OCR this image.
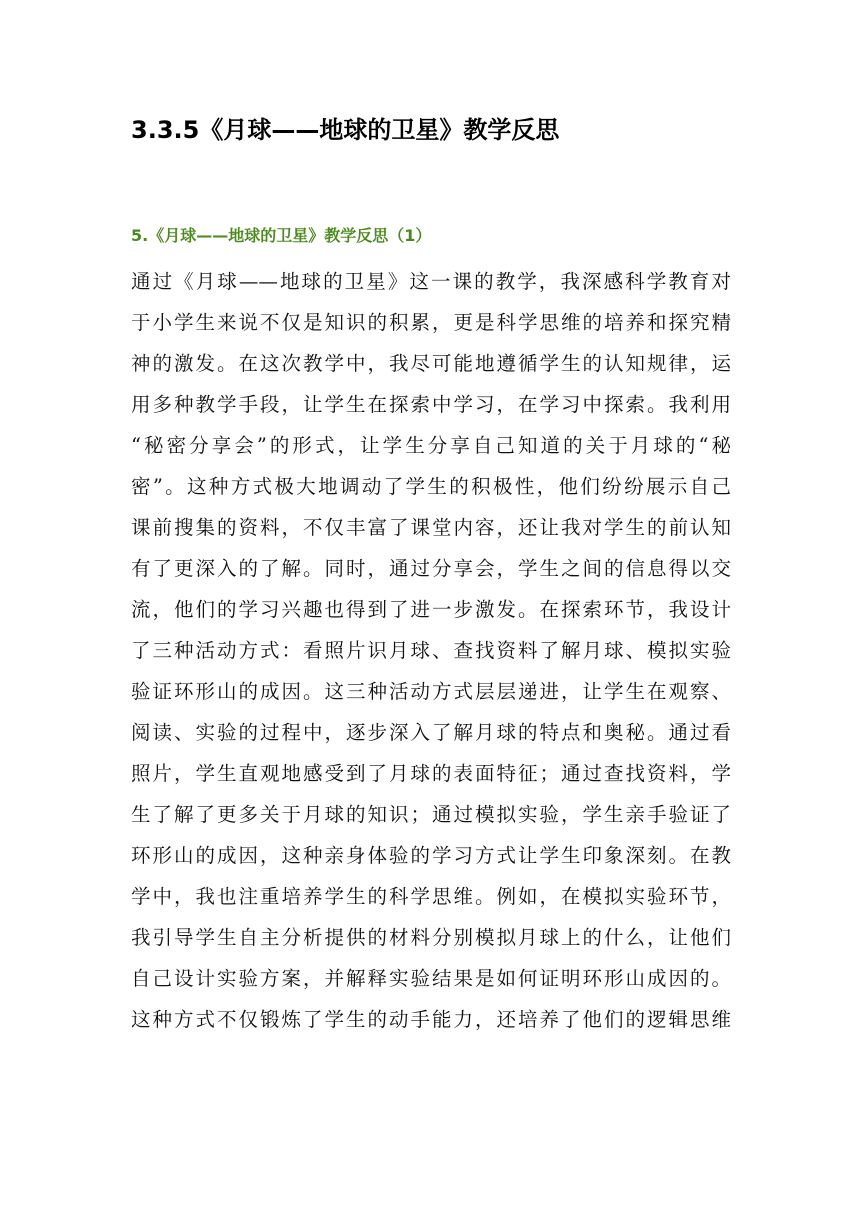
3.3.5《月球——地球的卫星》教学反思
5.《月球——地球的卫星》教学反思（1）
通过《月球——地球的卫星》这一课的教学，我深感科学教育对
于小学生来说不仅是知识的积累，更是科学思维的培养和探究精
神的激发。在这次教学中，我尽可能地遵循学生的认知规律，运
用多种教学手段，让学生在探索中学习，在学习中探索。我利用
“秘密分享会”的形式，让学生分享自己知道的关于月球的“秘
密”。这种方式极大地调动了学生的积极性，他们纷纷展示自己
课前搜集的资料，不仅丰富了课堂内容，还让我对学生的前认知
有了更深入的了解。同时，通过分享会，学生之间的信息得以交
流，他们的学习兴趣也得到了进一步激发。在探索环节，我设计
了三种活动方式：看照片识月球、查找资料了解月球、模拟实验
验证环形山的成因。这三种活动方式层层递进，让学生在观察、
阅读、实验的过程中，逐步深入了解月球的特点和奥秘。通过看
照片，学生直观地感受到了月球的表面特征；通过查找资料，学
生了解了更多关于月球的知识；通过模拟实验，学生亲手验证了
环形山的成因，这种亲身体验的学习方式让学生印象深刻。在教
学中，我也注重培养学生的科学思维。例如，在模拟实验环节，
我引导学生自主分析提供的材料分别模拟月球上的什么，让他们
自己设计实验方案，并解释实验结果是如何证明环形山成因的。
这种方式不仅锻炼了学生的动手能力，还培养了他们的逻辑思维
